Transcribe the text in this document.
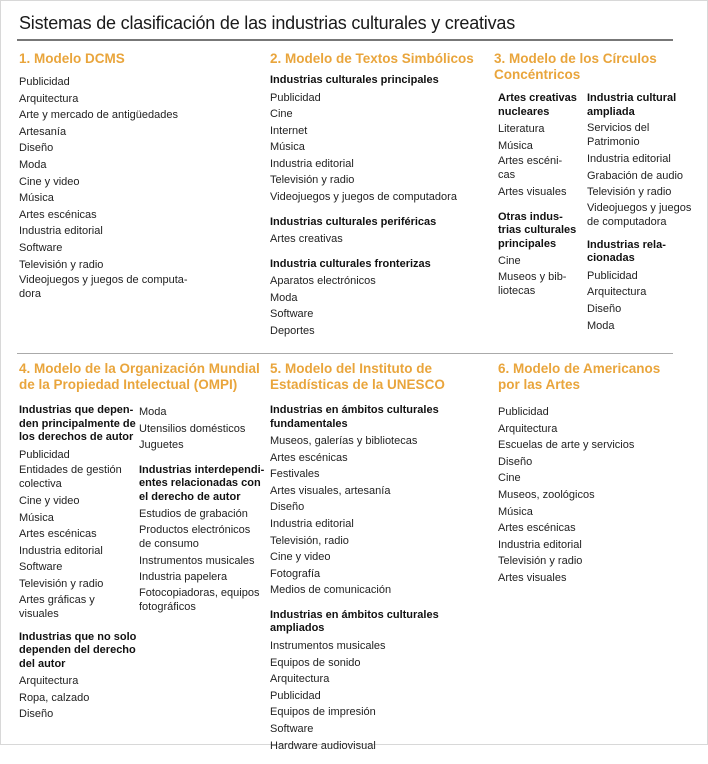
Sistemas de clasificación de las industrias culturales y creativas
1. Modelo DCMS	2. Modelo de Textos Simbólicos 3. Modelo de los Círculos
Concéntricos
4. Modelo de la Organización Mundial
de la Propiedad Intelectual (OMPI)
5. Modelo del Instituto de
Estadísticas de la UNESCO
6. Modelo de Americanos
por las Artes
Publicidad
Arquitectura
Arte y mercado de antigüedades
Artesanía
Diseño
Moda
Cine y video
Música
Artes escénicas
Industria editorial
Software
Televisión y radio
Videojuegos y juegos de computa-
dora
Industrias culturales principales
Publicidad
Cine
Internet
Música
Industria editorial
Televisión y radio
Videojuegos y juegos de computadora
Industrias culturales periféricas
Artes creativas
Industria culturales fronterizas
Aparatos electrónicos
Moda
Software
Deportes
Artes creativas
nucleares
Literatura
Música
Artes escéni-
cas
Artes visuales
Otras indus-
trias culturales
principales
Cine
Museos y bib-
liotecas
Industria cultural
ampliada
Servicios del
Patrimonio
Industria editorial
Grabación de audio
Televisión y radio
Videojuegos y juegos
de computadora
Industrias rela-
cionadas
Publicidad
Arquitectura
Diseño
Moda
Industrias que depen-
den principalmente de
los derechos de autor
Publicidad
Entidades de gestión
colectiva
Cine y video
Música
Artes escénicas
Industria editorial
Software
Televisión y radio
Artes gráficas y
visuales
Industrias que no solo
dependen del derecho
del autor
Arquitectura
Ropa, calzado
Diseño
Moda
Utensilios domésticos
Juguetes
Industrias interdependi-
entes relacionadas con
el derecho de autor
Estudios de grabación
Productos electrónicos
de consumo
Instrumentos musicales
Industria papelera
Fotocopiadoras, equipos
fotográficos
Industrias en ámbitos culturales
fundamentales
Museos, galerías y bibliotecas
Artes escénicas
Festivales
Artes visuales, artesanía
Diseño
Industria editorial
Televisión, radio
Cine y video
Fotografía
Medios de comunicación
Industrias en ámbitos culturales ampliados
Instrumentos musicales
Equipos de sonido
Arquitectura
Publicidad
Equipos de impresión
Software
Hardware audiovisual
Publicidad
Arquitectura
Escuelas de arte y servicios
Diseño
Cine
Museos, zoológicos
Música
Artes escénicas
Industria editorial
Televisión y radio
Artes visuales
